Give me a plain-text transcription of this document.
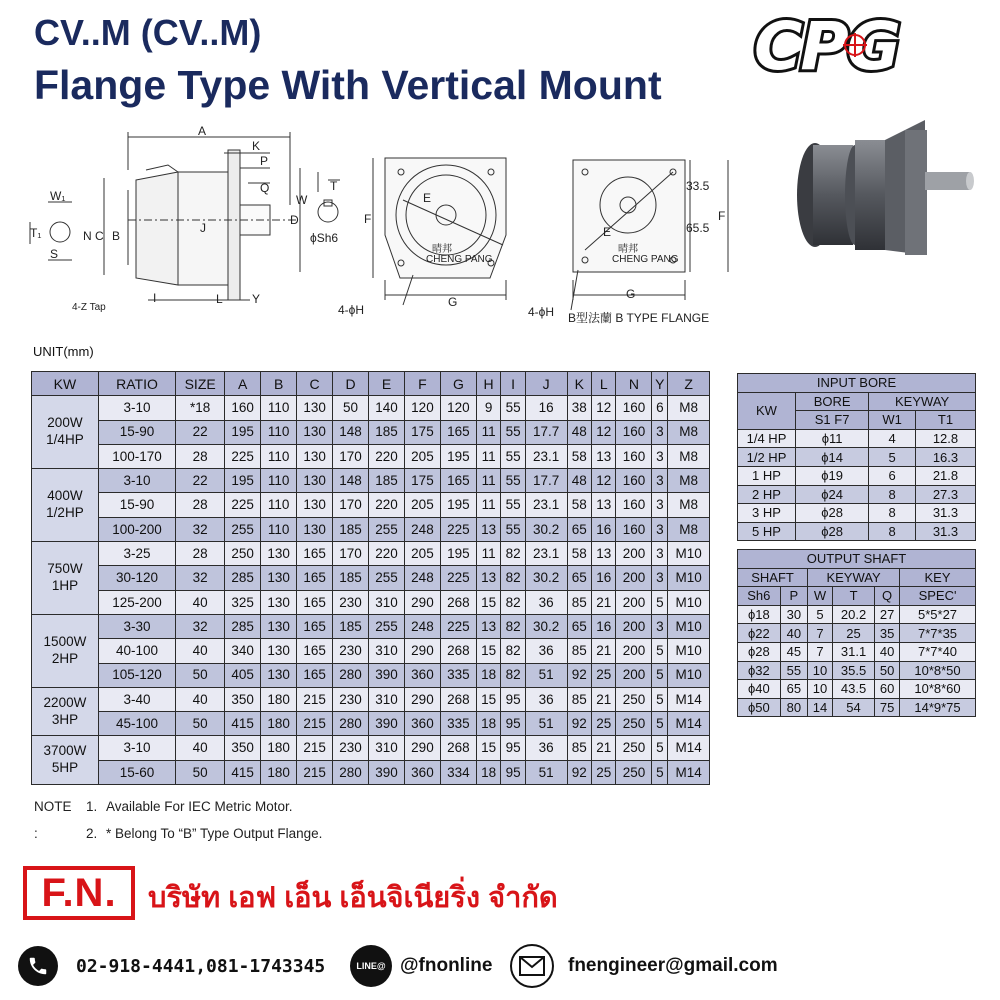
CV..M (CV..M)
Flange Type With Vertical Mount CPG
A
K
P
Q
W₁
T₁
S
N C B
J
D
W
T
ϕSh6
4-Z Tap
I	L Y
E
F
G
4-ϕH
晴邦
CHENG PANG
E
F
G
33.5
65.5
4-ϕH B型法蘭 B TYPE FLANGE
晴邦
CHENG PANG
UNIT(mm)
KW	RATIO	SIZE	A	B	C	D	E	F	G	H	I	J	K	L	N	Y	Z

200W
1/4HP	3-10	*18	160	110	130	50	140	120	120	9	55	16	38	12	160	6	M8
	15-90	22	195	110	130	148	185	175	165	11	55	17.7	48	12	160	3	M8
	100-170	28	225	110	130	170	220	205	195	11	55	23.1	58	13	160	3	M8

400W
1/2HP	3-10	22	195	110	130	148	185	175	165	11	55	17.7	48	12	160	3	M8
	15-90	28	225	110	130	170	220	205	195	11	55	23.1	58	13	160	3	M8
	100-200	32	255	110	130	185	255	248	225	13	55	30.2	65	16	160	3	M8

750W
1HP	3-25	28	250	130	165	170	220	205	195	11	82	23.1	58	13	200	3	M10
	30-120	32	285	130	165	185	255	248	225	13	82	30.2	65	16	200	3	M10
	125-200	40	325	130	165	230	310	290	268	15	82	36	85	21	200	5	M10

1500W
2HP	3-30	32	285	130	165	185	255	248	225	13	82	30.2	65	16	200	3	M10
	40-100	40	340	130	165	230	310	290	268	15	82	36	85	21	200	5	M10
	105-120	50	405	130	165	280	390	360	335	18	82	51	92	25	200	5	M10

2200W
3HP	3-40	40	350	180	215	230	310	290	268	15	95	36	85	21	250	5	M14
	45-100	50	415	180	215	280	390	360	335	18	95	51	92	25	250	5	M14

3700W
5HP	3-10	40	350	180	215	230	310	290	268	15	95	36	85	21	250	5	M14
	15-60	50	415	180	215	280	390	360	334	18	95	51	92	25	250	5	M14
INPUT BORE			
KW	BORE	KEYWAY	
	S1 F7	W1	T1
1/4 HP	ϕ11	4	12.8
1/2 HP	ϕ14	5	16.3
1 HP	ϕ19	6	21.8
2 HP	ϕ24	8	27.3
3 HP	ϕ28	8	31.3
5 HP	ϕ28	8	31.3
OUTPUT SHAFT					
SHAFT		KEYWAY			KEY
Sh6	P	W	T	Q	SPEC'
ϕ18	30	5	20.2	27	5*5*27
ϕ22	40	7	25	35	7*7*35
ϕ28	45	7	31.1	40	7*7*40
ϕ32	55	10	35.5	50	10*8*50
ϕ40	65	10	43.5	60	10*8*60
ϕ50	80	14	54	75	14*9*75
NOTE	1. Available For IEC Metric Motor.
:	2. * Belong To “B” Type Output Flange.
F.N.	บริษัท เอฟ เอ็น เอ็นจิเนียริ่ง จำกัด
02-918-4441,081-1743345	LINE@ @fnonline	fnengineer@gmail.com
